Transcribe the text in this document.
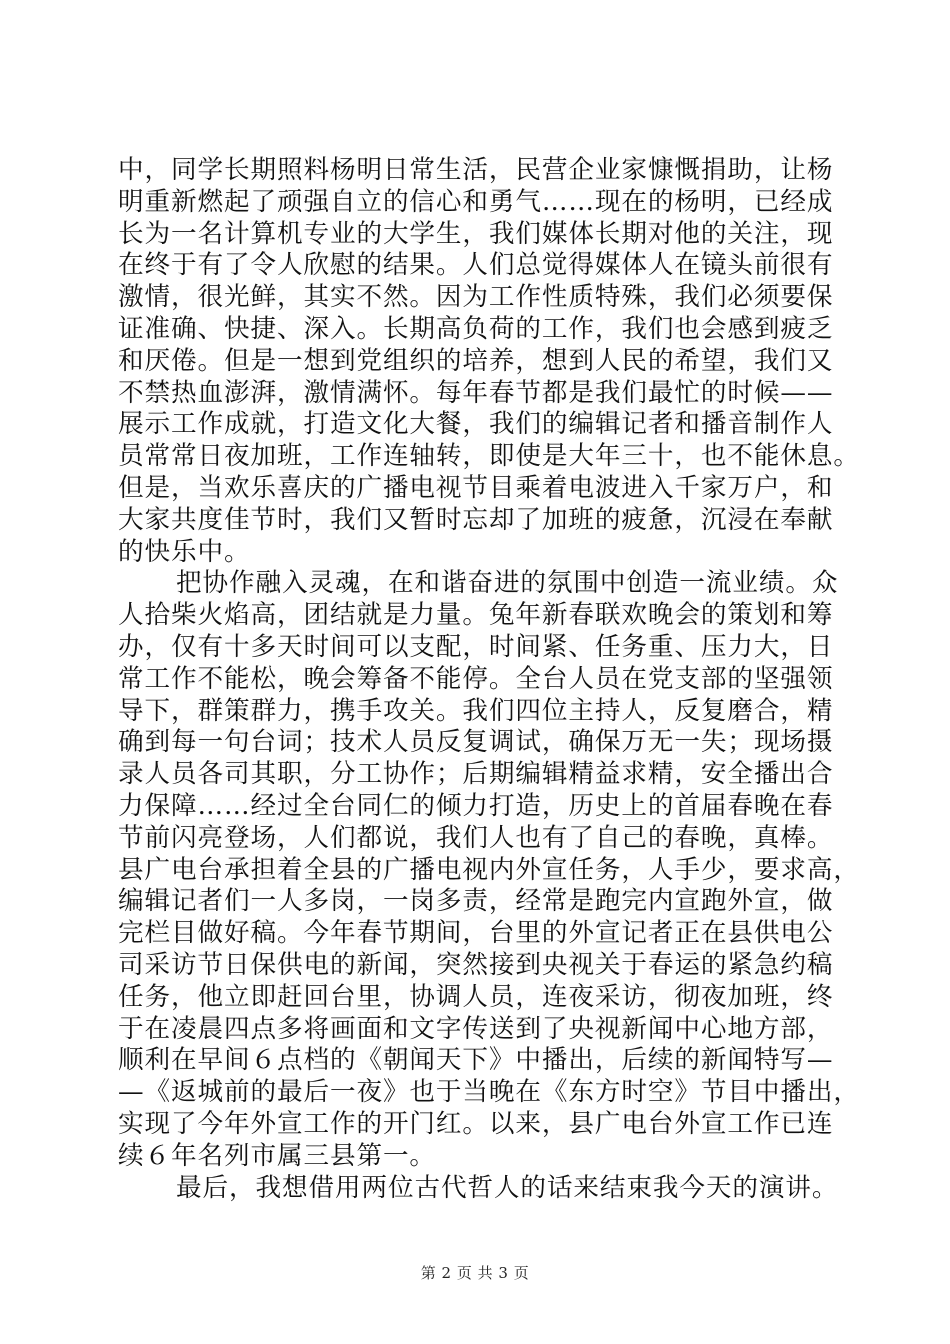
中，同学长期照料杨明日常生活，民营企业家慷慨捐助，让杨
明重新燃起了顽强自立的信心和勇气……现在的杨明，已经成
长为一名计算机专业的大学生，我们媒体长期对他的关注，现
在终于有了令人欣慰的结果。人们总觉得媒体人在镜头前很有
激情，很光鲜，其实不然。因为工作性质特殊，我们必须要保
证准确、快捷、深入。长期高负荷的工作，我们也会感到疲乏
和厌倦。但是一想到党组织的培养，想到人民的希望，我们又
不禁热血澎湃，激情满怀。每年春节都是我们最忙的时候——
展示工作成就，打造文化大餐，我们的编辑记者和播音制作人
员常常日夜加班，工作连轴转，即使是大年三十，也不能休息。
但是，当欢乐喜庆的广播电视节目乘着电波进入千家万户，和
大家共度佳节时，我们又暂时忘却了加班的疲惫，沉浸在奉献
的快乐中。
把协作融入灵魂，在和谐奋进的氛围中创造一流业绩。众
人拾柴火焰高，团结就是力量。兔年新春联欢晚会的策划和筹
办，仅有十多天时间可以支配，时间紧、任务重、压力大，日
常工作不能松，晚会筹备不能停。全台人员在党支部的坚强领
导下，群策群力，携手攻关。我们四位主持人，反复磨合，精
确到每一句台词；技术人员反复调试，确保万无一失；现场摄
录人员各司其职，分工协作；后期编辑精益求精，安全播出合
力保障……经过全台同仁的倾力打造，历史上的首届春晚在春
节前闪亮登场，人们都说，我们人也有了自己的春晚，真棒。
县广电台承担着全县的广播电视内外宣任务，人手少，要求高，
编辑记者们一人多岗，一岗多责，经常是跑完内宣跑外宣，做
完栏目做好稿。今年春节期间，台里的外宣记者正在县供电公
司采访节日保供电的新闻，突然接到央视关于春运的紧急约稿
任务，他立即赶回台里，协调人员，连夜采访，彻夜加班，终
于在凌晨四点多将画面和文字传送到了央视新闻中心地方部，
顺利在早间６点档的《朝闻天下》中播出，后续的新闻特写—
—《返城前的最后一夜》也于当晚在《东方时空》节目中播出，
实现了今年外宣工作的开门红。以来，县广电台外宣工作已连
续６年名列市属三县第一。
最后，我想借用两位古代哲人的话来结束我今天的演讲。
第 2 页 共 3 页
